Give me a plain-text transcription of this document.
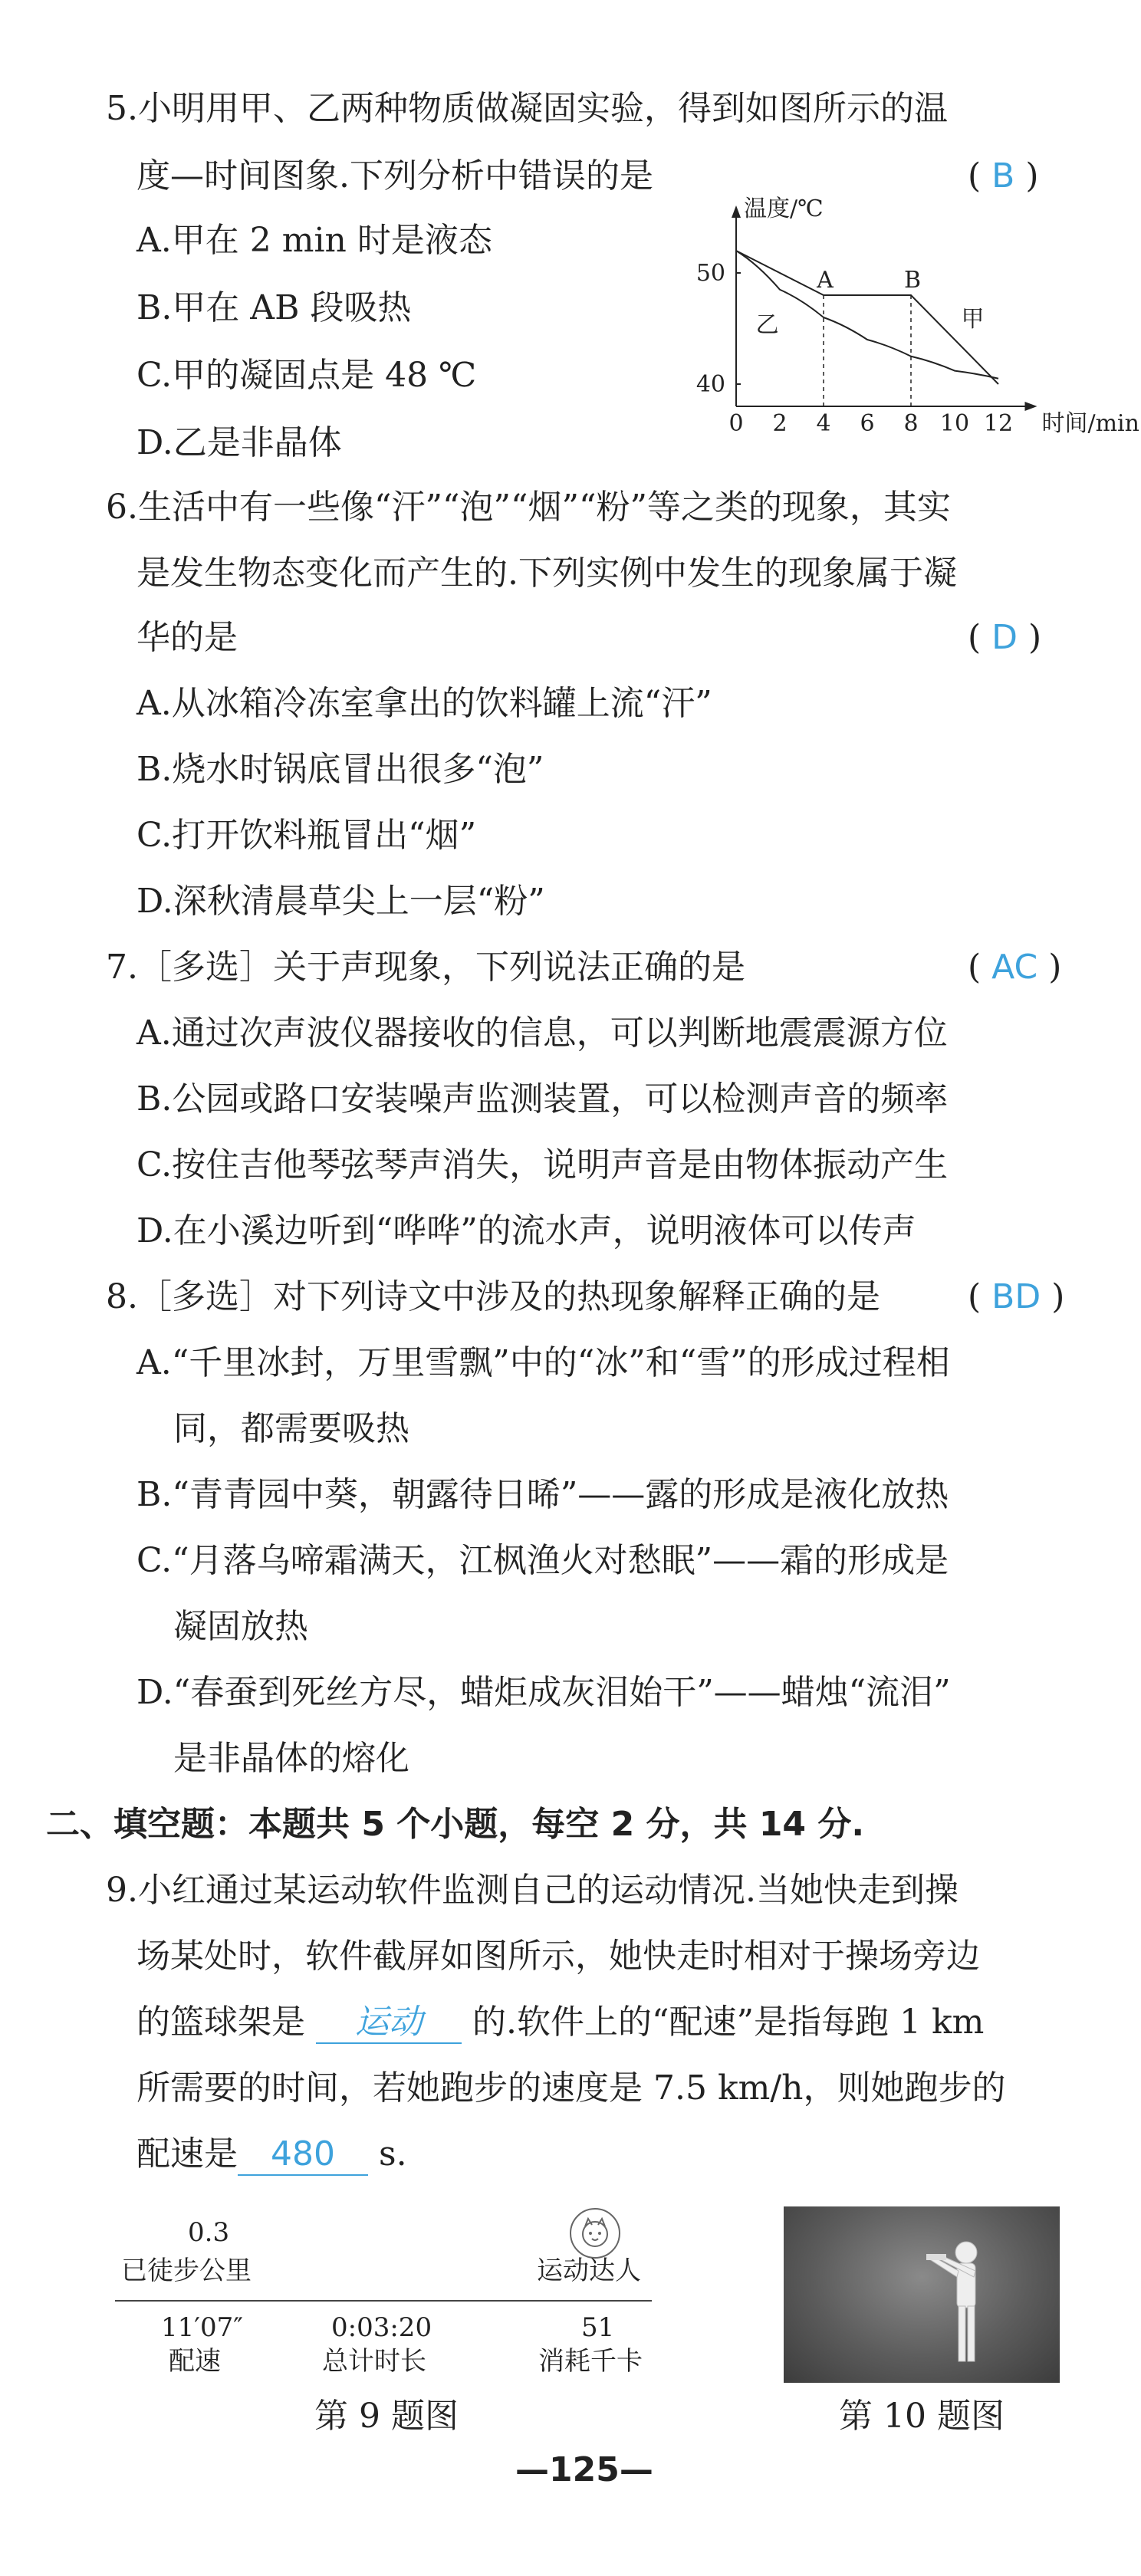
5.小明用甲、乙两种物质做凝固实验，得到如图所示的温
度—时间图象.下列分析中错误的是	( B )
A.甲在 2 min 时是液态
B.甲在 AB 段吸热
C.甲的凝固点是 48 ℃
D.乙是非晶体	0 2 4 6 8 10 12
40
50
温度/℃
时间/min
A	B
甲
乙
6.生活中有一些像“汗”“泡”“烟”“粉”等之类的现象，其实
是发生物态变化而产生的.下列实例中发生的现象属于凝
华的是	( D )
A.从冰箱冷冻室拿出的饮料罐上流“汗”
B.烧水时锅底冒出很多“泡”
C.打开饮料瓶冒出“烟”
D.深秋清晨草尖上一层“粉”
7.［多选］关于声现象，下列说法正确的是	( AC )
A.通过次声波仪器接收的信息，可以判断地震震源方位
B.公园或路口安装噪声监测装置，可以检测声音的频率
C.按住吉他琴弦琴声消失，说明声音是由物体振动产生
D.在小溪边听到“哗哗”的流水声，说明液体可以传声
8.［多选］对下列诗文中涉及的热现象解释正确的是	( BD )
A.“千里冰封，万里雪飘”中的“冰”和“雪”的形成过程相
同，都需要吸热
B.“青青园中葵，朝露待日晞”——露的形成是液化放热
C.“月落乌啼霜满天，江枫渔火对愁眠”——霜的形成是
凝固放热
D.“春蚕到死丝方尽，蜡炬成灰泪始干”——蜡烛“流泪”
是非晶体的熔化
二、填空题：本题共 5 个小题，每空 2 分，共 14 分.
9.小红通过某运动软件监测自己的运动情况.当她快走到操
场某处时，软件截屏如图所示，她快走时相对于操场旁边
的篮球架是 运动 的.软件上的“配速”是指每跑 1 km
所需要的时间，若她跑步的速度是 7.5 km/h，则她跑步的
配速是 480 s.
0.3
已徒步公里	运动达人
11′07″
配速
0:03:20
总计时长
51
消耗千卡
第 9 题图	第 10 题图
—125—
